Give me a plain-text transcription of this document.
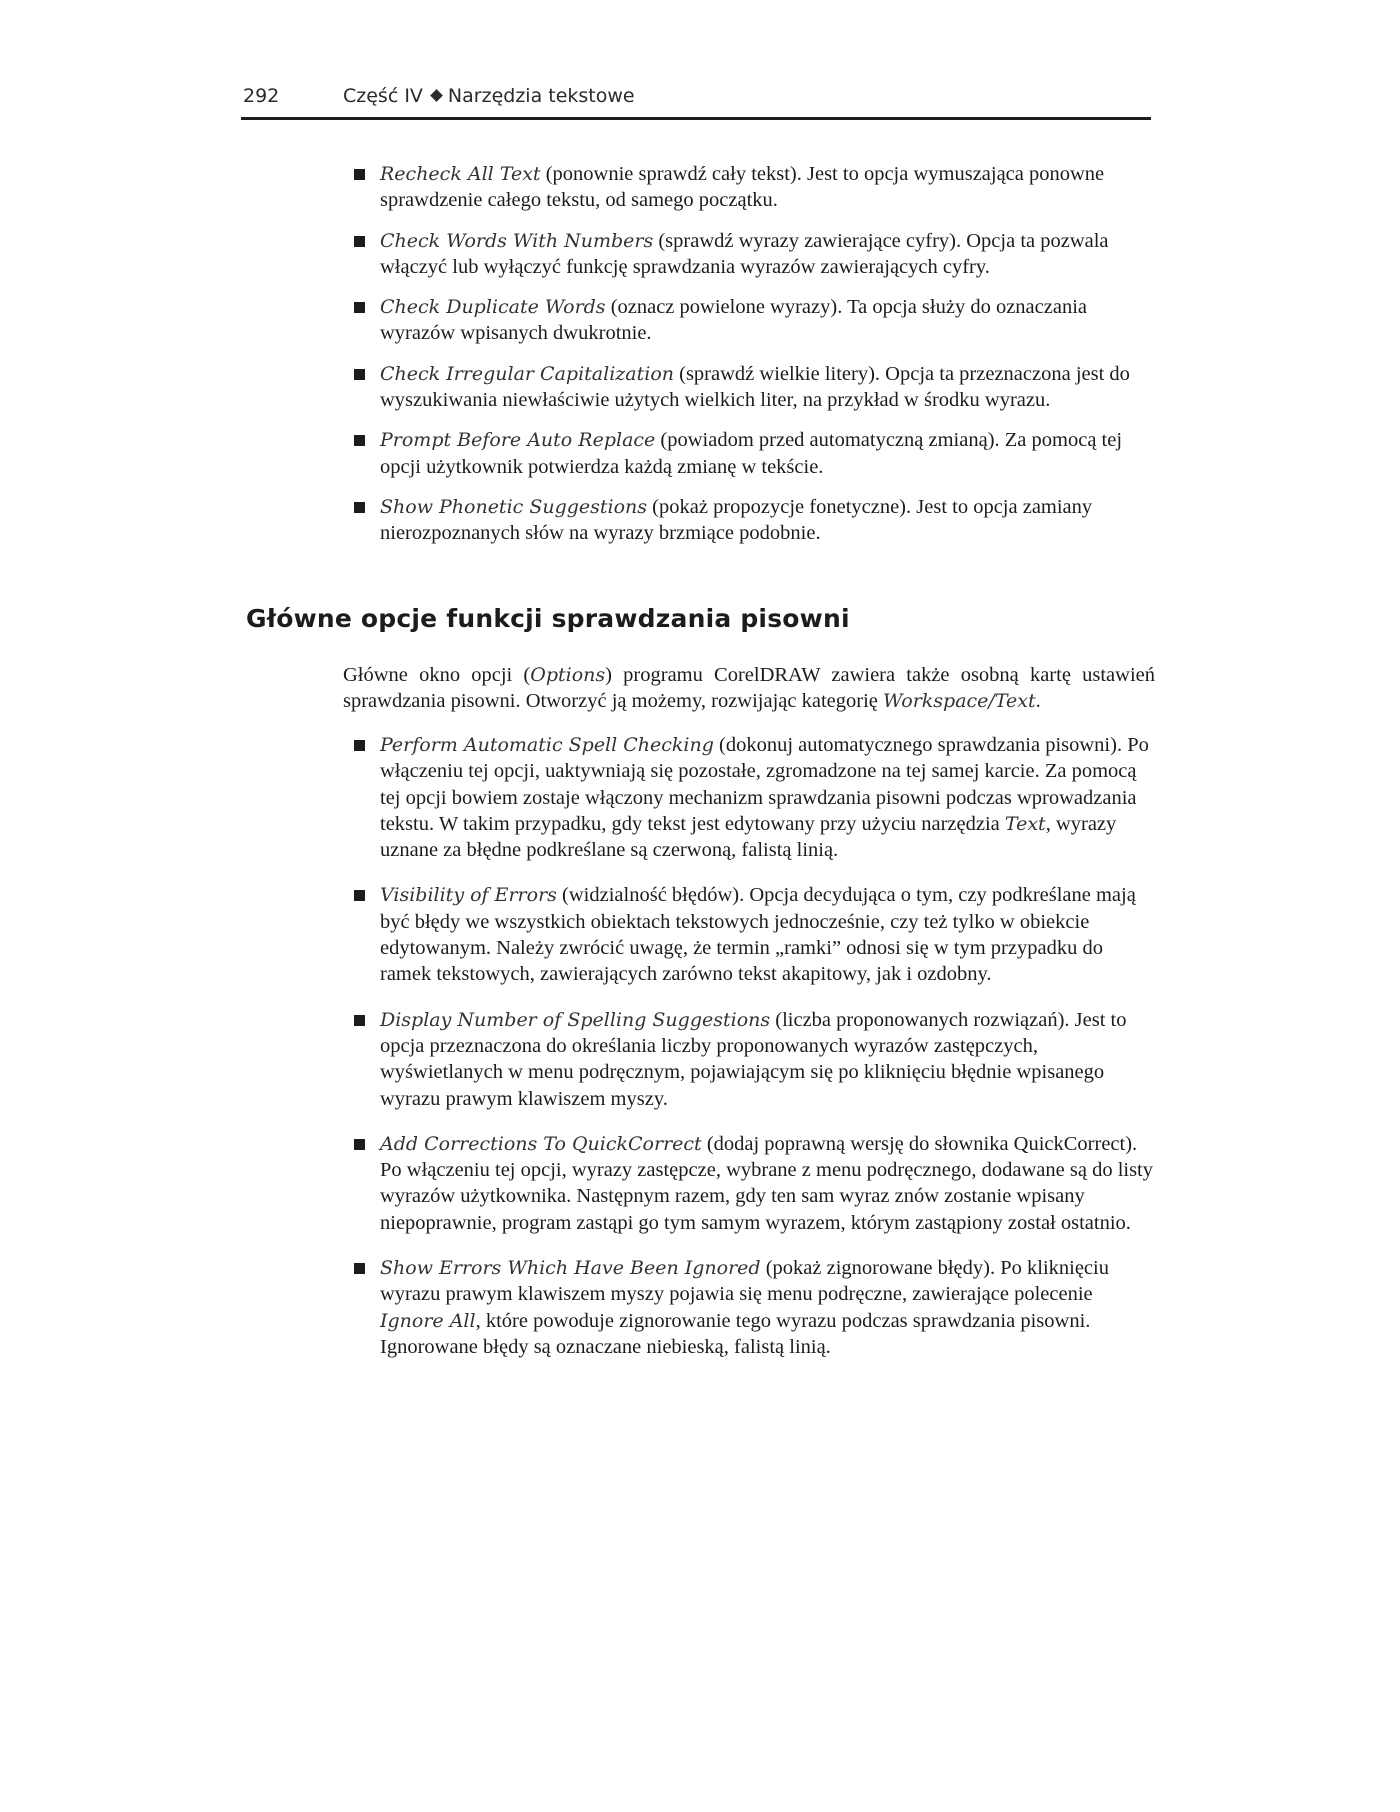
292	Część IV Narzędzia tekstowe
Recheck All Text (ponownie sprawdź cały tekst). Jest to opcja wymuszająca ponowne sprawdzenie całego tekstu, od samego początku.
Check Words With Numbers (sprawdź wyrazy zawierające cyfry). Opcja ta pozwala włączyć lub wyłączyć funkcję sprawdzania wyrazów zawierających cyfry.
Check Duplicate Words (oznacz powielone wyrazy). Ta opcja służy do oznaczania wyrazów wpisanych dwukrotnie.
Check Irregular Capitalization (sprawdź wielkie litery). Opcja ta przeznaczona jest do wyszukiwania niewłaściwie użytych wielkich liter, na przykład w środku wyrazu.
Prompt Before Auto Replace (powiadom przed automatyczną zmianą). Za pomocą tej opcji użytkownik potwierdza każdą zmianę w tekście.
Show Phonetic Suggestions (pokaż propozycje fonetyczne). Jest to opcja zamiany nierozpoznanych słów na wyrazy brzmiące podobnie.
Główne opcje funkcji sprawdzania pisowni

Główne okno opcji (Options) programu CorelDRAW zawiera także osobną kartę ustawień sprawdzania pisowni. Otworzyć ją możemy, rozwijając kategorię Workspace/Text.

Perform Automatic Spell Checking (dokonuj automatycznego sprawdzania pisowni). Po włączeniu tej opcji, uaktywniają się pozostałe, zgromadzone na tej samej karcie. Za pomocą tej opcji bowiem zostaje włączony mechanizm sprawdzania pisowni podczas wprowadzania tekstu. W takim przypadku, gdy tekst jest edytowany przy użyciu narzędzia Text, wyrazy uznane za błędne podkreślane są czerwoną, falistą linią.
Visibility of Errors (widzialność błędów). Opcja decydująca o tym, czy podkreślane mają być błędy we wszystkich obiektach tekstowych jednocześnie, czy też tylko w obiekcie edytowanym. Należy zwrócić uwagę, że termin „ramki” odnosi się w tym przypadku do ramek tekstowych, zawierających zarówno tekst akapitowy, jak i ozdobny.
Display Number of Spelling Suggestions (liczba proponowanych rozwiązań). Jest to opcja przeznaczona do określania liczby proponowanych wyrazów zastępczych, wyświetlanych w menu podręcznym, pojawiającym się po kliknięciu błędnie wpisanego wyrazu prawym klawiszem myszy.
Add Corrections To QuickCorrect (dodaj poprawną wersję do słownika QuickCorrect). Po włączeniu tej opcji, wyrazy zastępcze, wybrane z menu podręcznego, dodawane są do listy wyrazów użytkownika. Następnym razem, gdy ten sam wyraz znów zostanie wpisany niepoprawnie, program zastąpi go tym samym wyrazem, którym zastąpiony został ostatnio.
Show Errors Which Have Been Ignored (pokaż zignorowane błędy). Po kliknięciu wyrazu prawym klawiszem myszy pojawia się menu podręczne, zawierające polecenie Ignore All, które powoduje zignorowanie tego wyrazu podczas sprawdzania pisowni. Ignorowane błędy są oznaczane niebieską, falistą linią.
